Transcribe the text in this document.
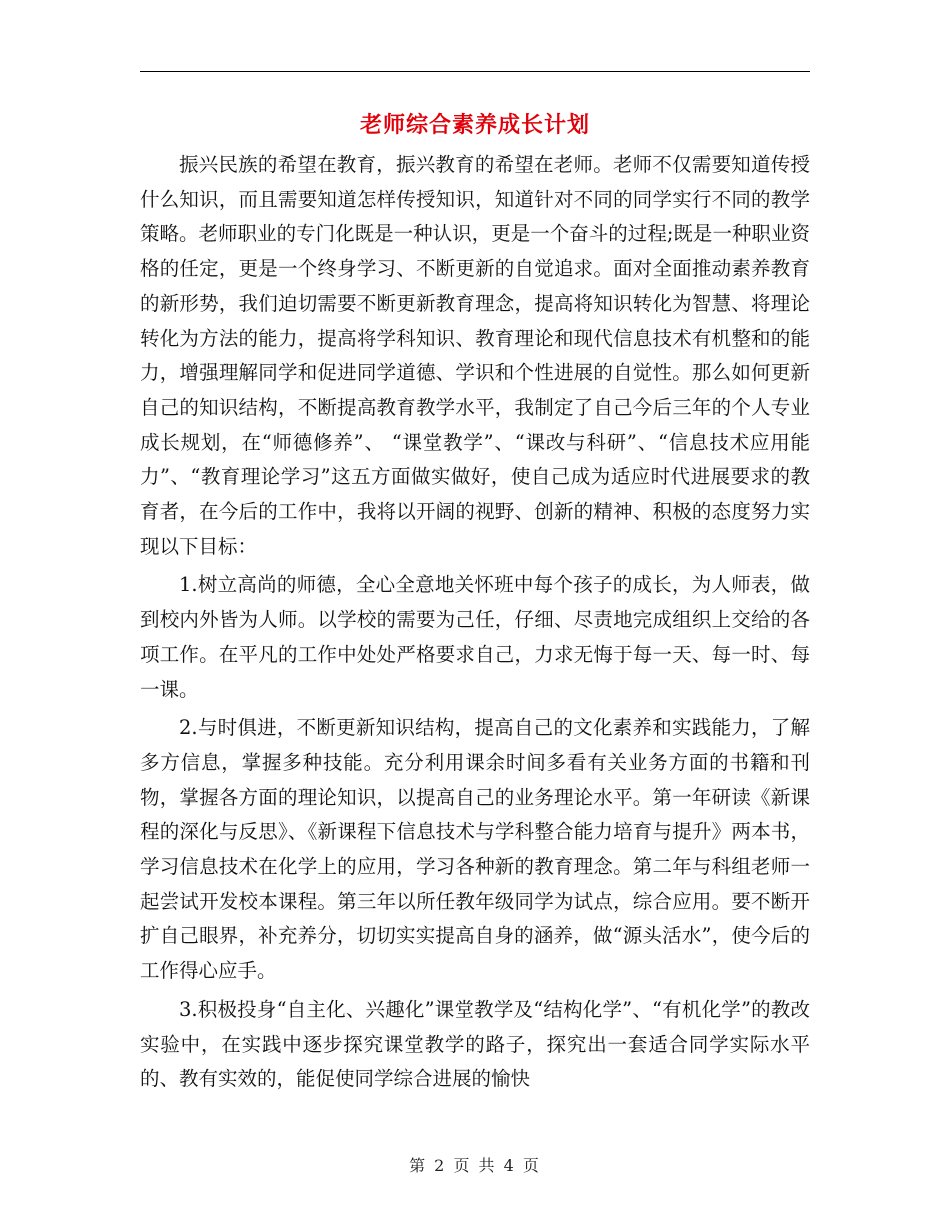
老师综合素养成长计划

振兴民族的希望在教育，振兴教育的希望在老师。老师不仅需要知道传授什么知识，而且需要知道怎样传授知识，知道针对不同的同学实行不同的教学策略。老师职业的专门化既是一种认识，更是一个奋斗的过程;既是一种职业资格的任定，更是一个终身学习、不断更新的自觉追求。面对全面推动素养教育的新形势，我们迫切需要不断更新教育理念，提高将知识转化为智慧、将理论转化为方法的能力，提高将学科知识、教育理论和现代信息技术有机整和的能力，增强理解同学和促进同学道德、学识和个性进展的自觉性。那么如何更新自己的知识结构，不断提高教育教学水平，我制定了自己今后三年的个人专业成长规划，在“师德修养”、 “课堂教学”、“课改与科研”、“信息技术应用能力”、“教育理论学习”这五方面做实做好，使自己成为适应时代进展要求的教育者，在今后的工作中，我将以开阔的视野、创新的精神、积极的态度努力实现以下目标：

1.树立高尚的师德，全心全意地关怀班中每个孩子的成长，为人师表，做到校内外皆为人师。以学校的需要为己任，仔细、尽责地完成组织上交给的各项工作。在平凡的工作中处处严格要求自己，力求无悔于每一天、每一时、每一课。

2.与时俱进，不断更新知识结构，提高自己的文化素养和实践能力，了解多方信息，掌握多种技能。充分利用课余时间多看有关业务方面的书籍和刊物，掌握各方面的理论知识，以提高自己的业务理论水平。第一年研读《新课程的深化与反思》、《新课程下信息技术与学科整合能力培育与提升》两本书，学习信息技术在化学上的应用，学习各种新的教育理念。第二年与科组老师一起尝试开发校本课程。第三年以所任教年级同学为试点，综合应用。要不断开扩自己眼界，补充养分，切切实实提高自身的涵养，做“源头活水”，使今后的工作得心应手。

3.积极投身“自主化、兴趣化”课堂教学及“结构化学”、“有机化学”的教改实验中，在实践中逐步探究课堂教学的路子，探究出一套适合同学实际水平的、教有实效的，能促使同学综合进展的愉快

第 2 页 共 4 页
